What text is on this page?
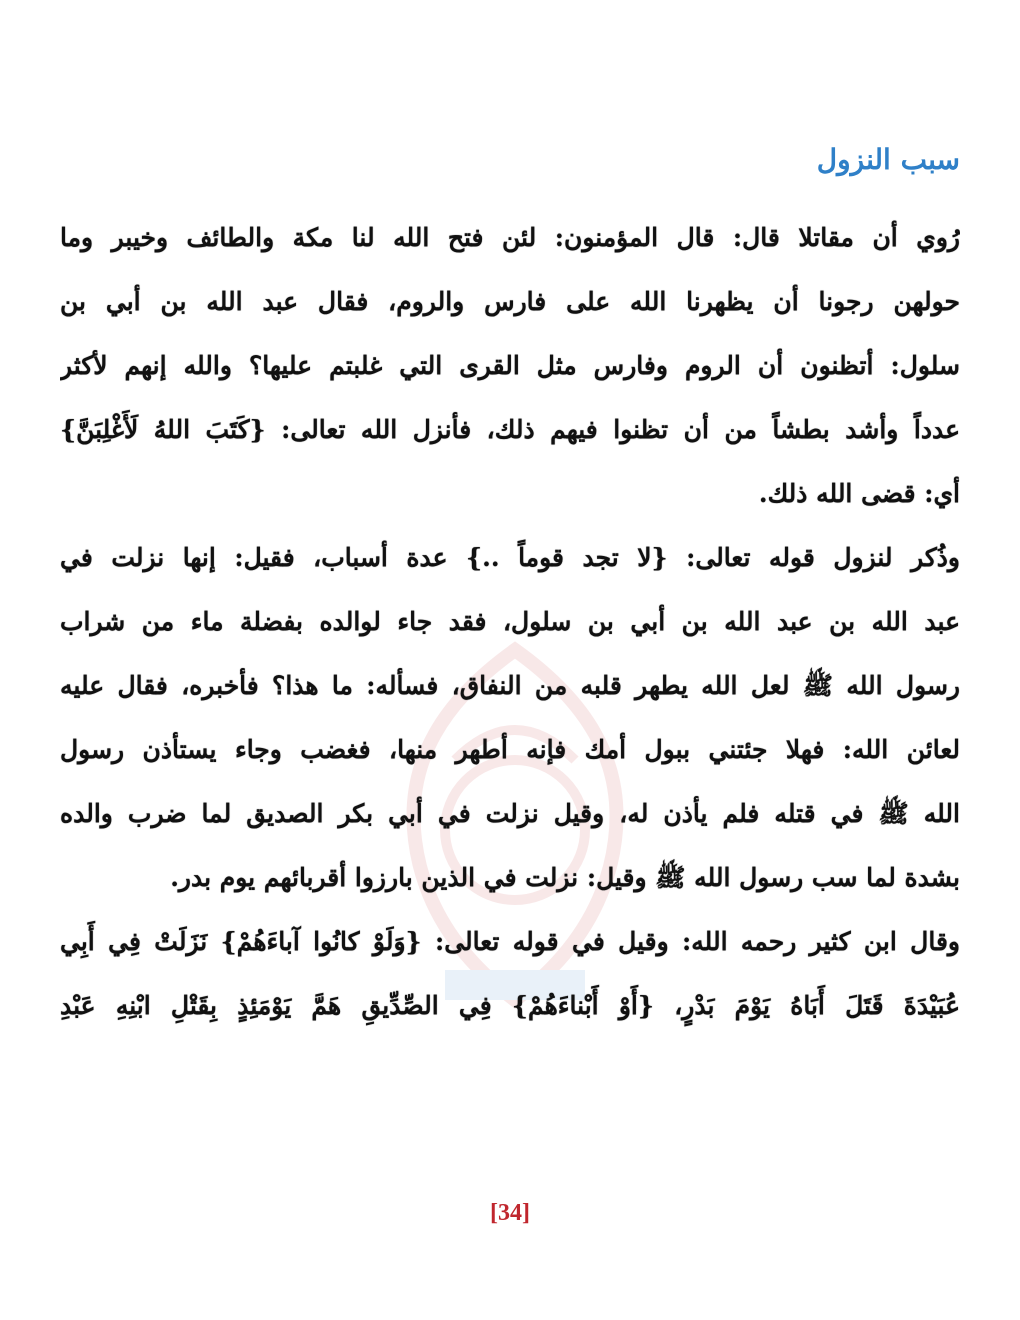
سبب النزول
رُوي أن مقاتلا قال: قال المؤمنون: لئن فتح الله لنا مكة والطائف وخيبر وما
حولهن رجونا أن يظهرنا الله على فارس والروم، فقال عبد الله بن أبي بن
سلول: أتظنون أن الروم وفارس مثل القرى التي غلبتم عليها؟ والله إنهم لأكثر
عدداً وأشد بطشاً من أن تظنوا فيهم ذلك، فأنزل الله تعالى: {كَتَبَ اللهُ لَأَغْلِبَنَّ}
أي: قضى الله ذلك.
وذُكر لنزول قوله تعالى: {لا تجد قوماً ..} عدة أسباب، فقيل: إنها نزلت في
عبد الله بن عبد الله بن أبي بن سلول، فقد جاء لوالده بفضلة ماء من شراب
رسول الله ﷺ لعل الله يطهر قلبه من النفاق، فسأله: ما هذا؟ فأخبره، فقال عليه
لعائن الله: فهلا جئتني ببول أمك فإنه أطهر منها، فغضب وجاء يستأذن رسول
الله ﷺ في قتله فلم يأذن له، وقيل نزلت في أبي بكر الصديق لما ضرب والده
بشدة لما سب رسول الله ﷺ وقيل: نزلت في الذين بارزوا أقربائهم يوم بدر.
وقال ابن كثير رحمه الله: وقيل في قوله تعالى: {وَلَوْ كانُوا آباءَهُمْ} نَزَلَتْ فِي أَبِي
عُبَيْدَةَ قَتَلَ أَبَاهُ يَوْمَ بَدْرٍ، {أَوْ أَبْناءَهُمْ} فِي الصِّدِّيقِ هَمَّ يَوْمَئِذٍ بِقَتْلِ ابْنِهِ عَبْدِ
[34]
